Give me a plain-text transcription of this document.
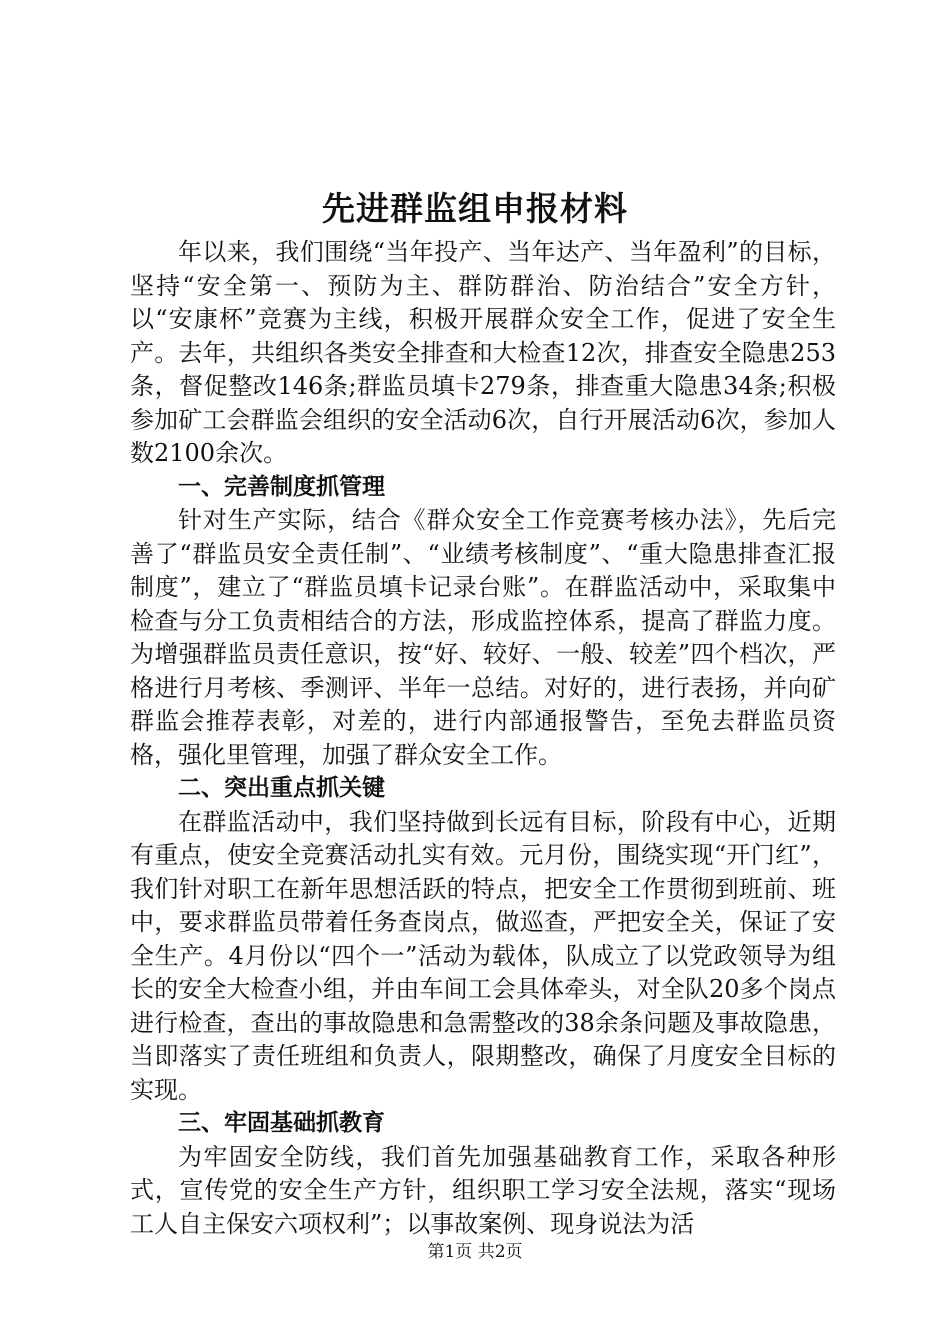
先进群监组申报材料

年以来，我们围绕“当年投产、当年达产、当年盈利”的目标，坚持“安全第一、预防为主、群防群治、防治结合”安全方针，以“安康杯”竞赛为主线，积极开展群众安全工作，促进了安全生产。去年，共组织各类安全排查和大检查12次，排查安全隐患253条，督促整改146条;群监员填卡279条，排查重大隐患34条;积极参加矿工会群监会组织的安全活动6次，自行开展活动6次，参加人数2100余次。

一、完善制度抓管理

针对生产实际，结合《群众安全工作竞赛考核办法》，先后完善了“群监员安全责任制”、“业绩考核制度”、“重大隐患排查汇报制度”，建立了“群监员填卡记录台账”。在群监活动中，采取集中检查与分工负责相结合的方法，形成监控体系，提高了群监力度。为增强群监员责任意识，按“好、较好、一般、较差”四个档次，严格进行月考核、季测评、半年一总结。对好的，进行表扬，并向矿群监会推荐表彰，对差的，进行内部通报警告，至免去群监员资格，强化里管理，加强了群众安全工作。

二、突出重点抓关键

在群监活动中，我们坚持做到长远有目标，阶段有中心，近期有重点，使安全竞赛活动扎实有效。元月份，围绕实现“开门红”，我们针对职工在新年思想活跃的特点，把安全工作贯彻到班前、班中，要求群监员带着任务查岗点，做巡查，严把安全关，保证了安全生产。4月份以“四个一”活动为载体，队成立了以党政领导为组长的安全大检查小组，并由车间工会具体牵头，对全队20多个岗点进行检查，查出的事故隐患和急需整改的38余条问题及事故隐患，当即落实了责任班组和负责人，限期整改，确保了月度安全目标的实现。

三、牢固基础抓教育

为牢固安全防线，我们首先加强基础教育工作，采取各种形式，宣传党的安全生产方针，组织职工学习安全法规，落实“现场工人自主保安六项权利”；以事故案例、现身说法为活

第1页 共2页
